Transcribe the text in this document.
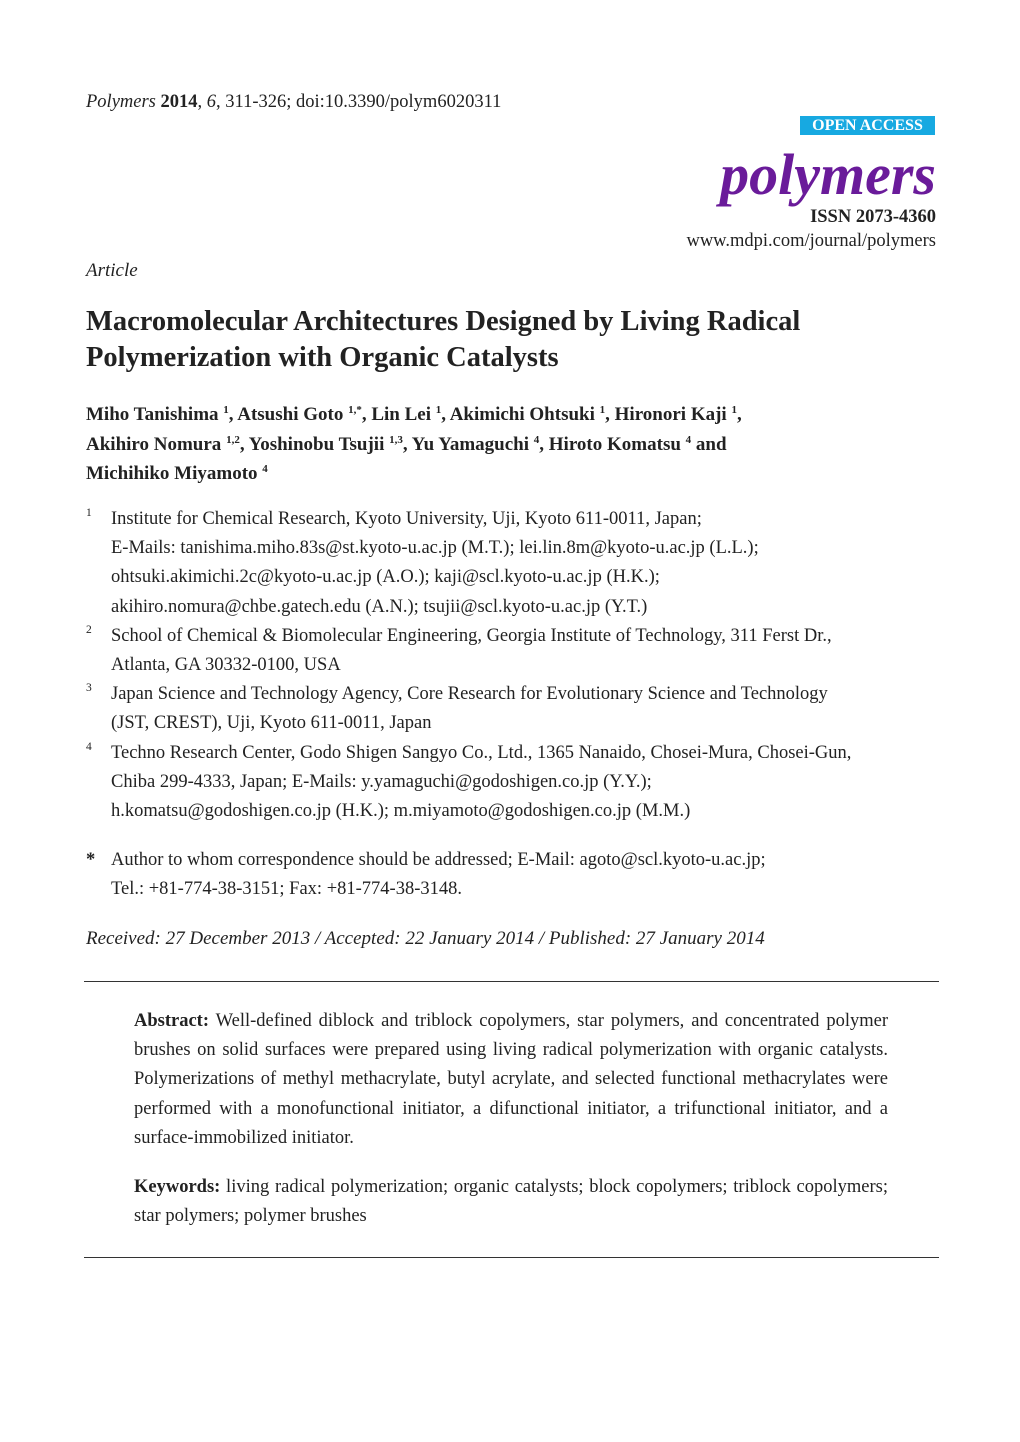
Polymers 2014, 6, 311-326; doi:10.3390/polym6020311
OPEN ACCESS
polymers
ISSN 2073-4360
www.mdpi.com/journal/polymers
Article
Macromolecular Architectures Designed by Living Radical Polymerization with Organic Catalysts
Miho Tanishima $^1$, Atsushi Goto $^{1,*}$, Lin Lei $^1$, Akimichi Ohtsuki $^1$, Hironori Kaji $^1$,
Akihiro Nomura $^{1,2}$, Yoshinobu Tsujii $^{1,3}$, Yu Yamaguchi $^4$, Hiroto Komatsu $^4$ and
Michihiko Miyamoto $^4$
1 Institute for Chemical Research, Kyoto University, Uji, Kyoto 611-0011, Japan;
E-Mails: tanishima.miho.83s@st.kyoto-u.ac.jp (M.T.); lei.lin.8m@kyoto-u.ac.jp (L.L.);
ohtsuki.akimichi.2c@kyoto-u.ac.jp (A.O.); kaji@scl.kyoto-u.ac.jp (H.K.);
akihiro.nomura@chbe.gatech.edu (A.N.); tsujii@scl.kyoto-u.ac.jp (Y.T.)
2 School of Chemical & Biomolecular Engineering, Georgia Institute of Technology, 311 Ferst Dr.,
Atlanta, GA 30332-0100, USA
3 Japan Science and Technology Agency, Core Research for Evolutionary Science and Technology
(JST, CREST), Uji, Kyoto 611-0011, Japan
4 Techno Research Center, Godo Shigen Sangyo Co., Ltd., 1365 Nanaido, Chosei-Mura, Chosei-Gun,
Chiba 299-4333, Japan; E-Mails: y.yamaguchi@godoshigen.co.jp (Y.Y.);
h.komatsu@godoshigen.co.jp (H.K.); m.miyamoto@godoshigen.co.jp (M.M.)
* Author to whom correspondence should be addressed; E-Mail: agoto@scl.kyoto-u.ac.jp;
Tel.: +81-774-38-3151; Fax: +81-774-38-3148.
Received: 27 December 2013 / Accepted: 22 January 2014 / Published: 27 January 2014
Abstract: Well-defined diblock and triblock copolymers, star polymers, and concentrated polymer brushes on solid surfaces were prepared using living radical polymerization with organic catalysts. Polymerizations of methyl methacrylate, butyl acrylate, and selected functional methacrylates were performed with a monofunctional initiator, a difunctional initiator, a trifunctional initiator, and a surface-immobilized initiator.
Keywords: living radical polymerization; organic catalysts; block copolymers; triblock copolymers; star polymers; polymer brushes
